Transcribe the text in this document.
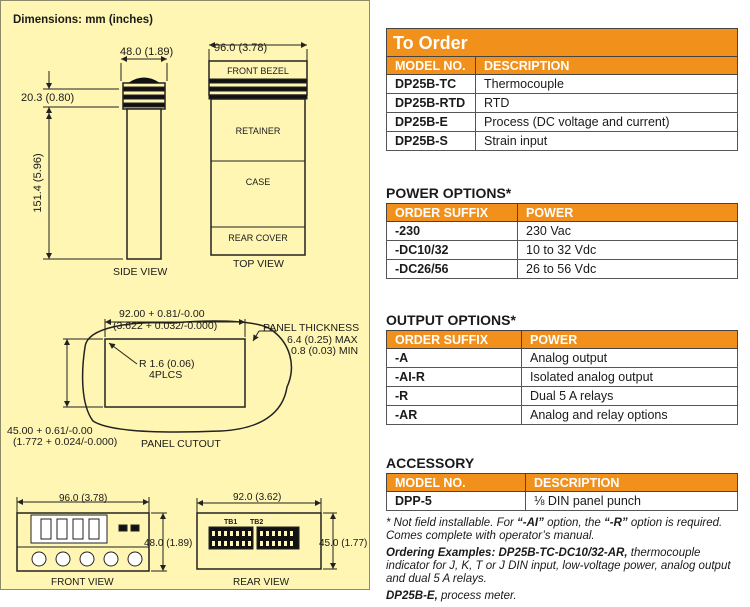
Dimensions: mm (inches)
48.0 (1.89)
20.3 (0.80)
151.4 (5.96)
SIDE VIEW
96.0 (3.78)
FRONT BEZEL
RETAINER
CASE
REAR COVER
TOP VIEW
92.00 + 0.81/-0.00
(3.622 + 0.032/-0.000)	PANEL THICKNESS
6.4 (0.25) MAX
0.8 (0.03) MIN
R 1.6 (0.06)
4PLCS
45.00 + 0.61/-0.00
(1.772 + 0.024/-0.000) PANEL CUTOUT
96.0 (3.78)
48.0 (1.89)
FRONT VIEW
92.0 (3.62)
TB1 TB2
45.0 (1.77)
REAR VIEW
To Order
MODEL NO.	DESCRIPTION
DP25B-TC	Thermocouple
DP25B-RTD	RTD
DP25B-E	Process (DC voltage and current)
DP25B-S	Strain input
POWER OPTIONS*
ORDER SUFFIX	POWER
-230	230 Vac
-DC10/32	10 to 32 Vdc
-DC26/56	26 to 56 Vdc
OUTPUT OPTIONS*
ORDER SUFFIX	POWER
-A	Analog output
-AI-R	Isolated analog output
-R	Dual 5 A relays
-AR	Analog and relay options
ACCESSORY
MODEL NO.	DESCRIPTION
DPP-5	⅛ DIN panel punch

* Not field installable. For “-AI” option, the “-R” option is required. Comes complete with operator’s manual.

Ordering Examples: DP25B-TC-DC10/32-AR, thermocouple indicator for J, K, T or J DIN input, low-voltage power, analog output and dual 5 A relays.

DP25B-E, process meter.
